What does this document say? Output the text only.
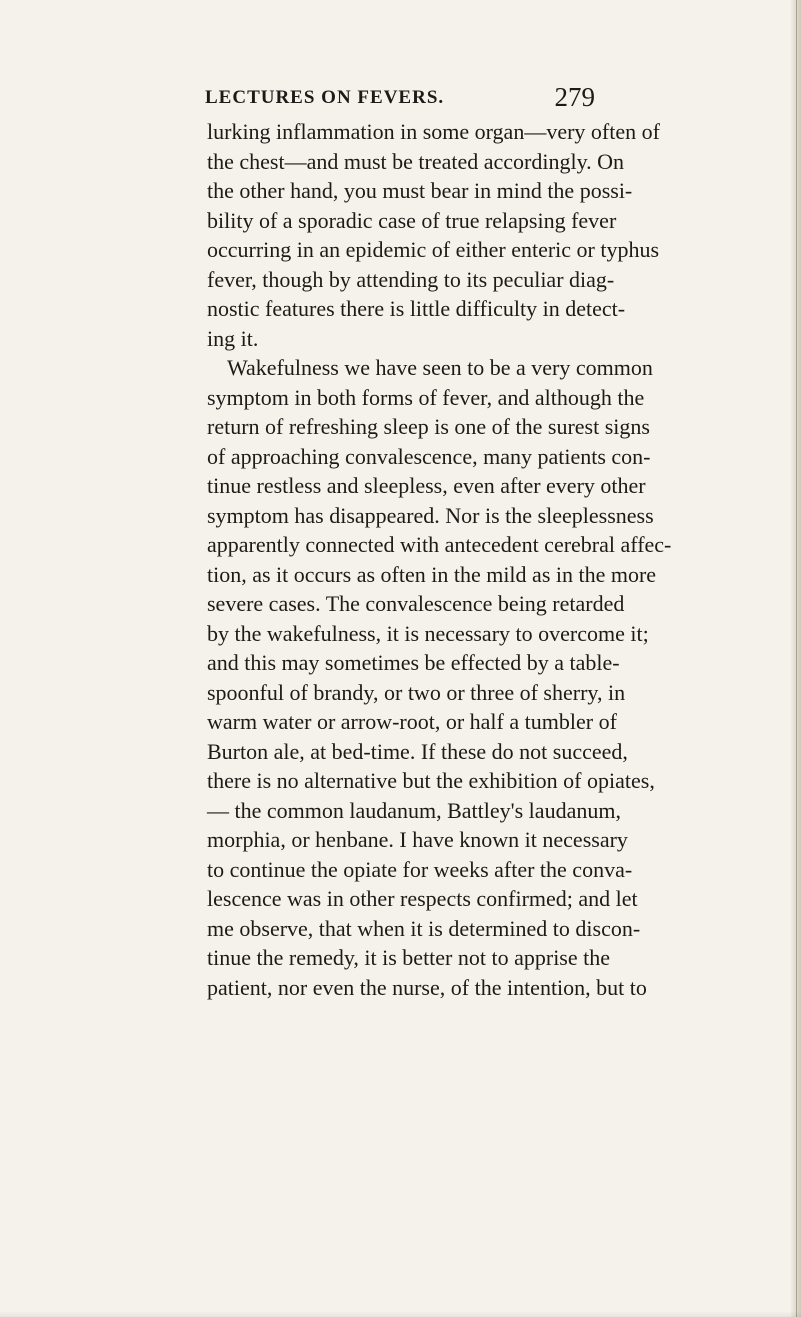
LECTURES ON FEVERS.	279
lurking inflammation in some organ—very often of
the chest—and must be treated accordingly. On
the other hand, you must bear in mind the possi-
bility of a sporadic case of true relapsing fever
occurring in an epidemic of either enteric or typhus
fever, though by attending to its peculiar diag-
nostic features there is little difficulty in detect-
ing it.
Wakefulness we have seen to be a very common
symptom in both forms of fever, and although the
return of refreshing sleep is one of the surest signs
of approaching convalescence, many patients con-
tinue restless and sleepless, even after every other
symptom has disappeared. Nor is the sleeplessness
apparently connected with antecedent cerebral affec-
tion, as it occurs as often in the mild as in the more
severe cases. The convalescence being retarded
by the wakefulness, it is necessary to overcome it;
and this may sometimes be effected by a table-
spoonful of brandy, or two or three of sherry, in
warm water or arrow-root, or half a tumbler of
Burton ale, at bed-time. If these do not succeed,
there is no alternative but the exhibition of opiates,
— the common laudanum, Battley's laudanum,
morphia, or henbane. I have known it necessary
to continue the opiate for weeks after the conva-
lescence was in other respects confirmed; and let
me observe, that when it is determined to discon-
tinue the remedy, it is better not to apprise the
patient, nor even the nurse, of the intention, but to
